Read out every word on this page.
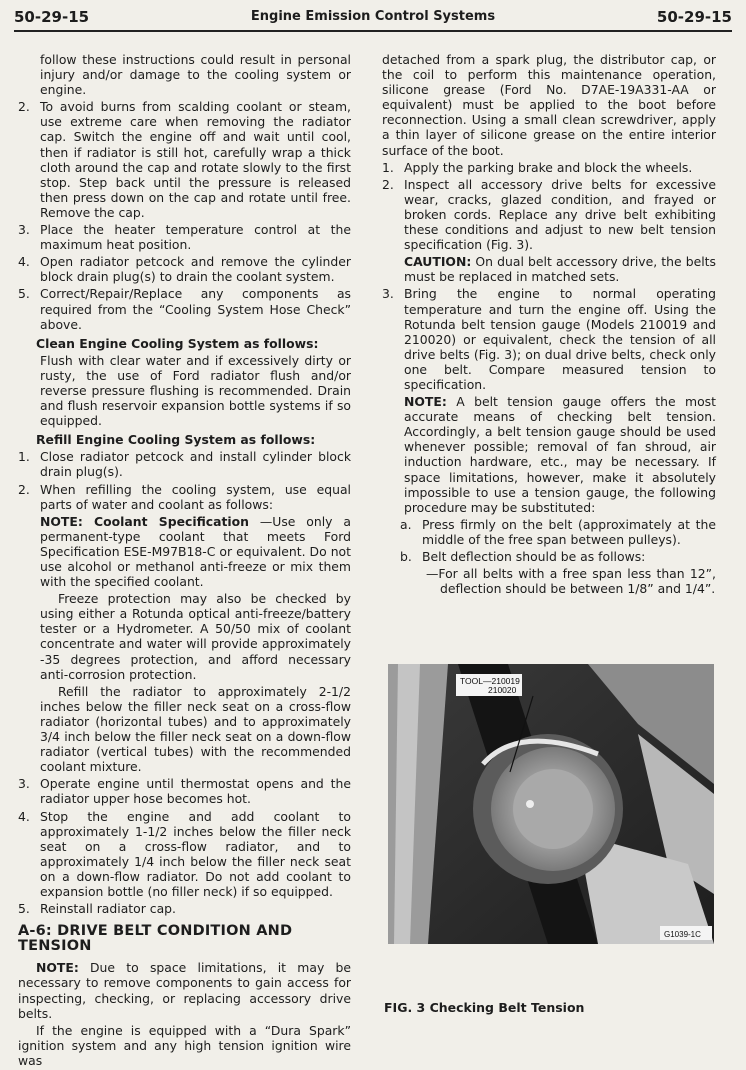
50-29-15	Engine Emission Control Systems	50-29-15

follow these instructions could result in personal injury and/or damage to the cooling system or engine.

2. To avoid burns from scalding coolant or steam, use extreme care when removing the radiator cap. Switch the engine off and wait until cool, then if radiator is still hot, carefully wrap a thick cloth around the cap and rotate slowly to the first stop. Step back until the pressure is released then press down on the cap and rotate until free. Remove the cap.
3. Place the heater temperature control at the maximum heat position.
4. Open radiator petcock and remove the cylinder block drain plug(s) to drain the coolant system.
5. Correct/Repair/Replace any components as required from the “Cooling System Hose Check” above.
Clean Engine Cooling System as follows:

Flush with clear water and if excessively dirty or rusty, the use of Ford radiator flush and/or reverse pressure flushing is recommended. Drain and flush reservoir expansion bottle systems if so equipped.

Refill Engine Cooling System as follows:
1. Close radiator petcock and install cylinder block drain plug(s).
2. When refilling the cooling system, use equal parts of water and coolant as follows:

NOTE: Coolant Specification —Use only a permanent-type coolant that meets Ford Specification ESE-M97B18-C or equivalent. Do not use alcohol or methanol anti-freeze or mix them with the specified coolant.

Freeze protection may also be checked by using either a Rotunda optical anti-freeze/battery tester or a Hydrometer. A 50/50 mix of coolant concentrate and water will provide approximately -35 degrees protection, and afford necessary anti-corrosion protection.

Refill the radiator to approximately 2-1/2 inches below the filler neck seat on a cross-flow radiator (horizontal tubes) and to approximately 3/4 inch below the filler neck seat on a down-flow radiator (vertical tubes) with the recommended coolant mixture.

3. Operate engine until thermostat opens and the radiator upper hose becomes hot.
4. Stop the engine and add coolant to approximately 1-1/2 inches below the filler neck seat on a cross-flow radiator, and to approximately 1/4 inch below the filler neck seat on a down-flow radiator. Do not add coolant to expansion bottle (no filler neck) if so equipped.
5. Reinstall radiator cap.
A-6: DRIVE BELT CONDITION AND TENSION

NOTE: Due to space limitations, it may be necessary to remove components to gain access for inspecting, checking, or replacing accessory drive belts.

If the engine is equipped with a “Dura Spark” ignition system and any high tension ignition wire was

detached from a spark plug, the distributor cap, or the coil to perform this maintenance operation, silicone grease (Ford No. D7AE-19A331-AA or equivalent) must be applied to the boot before reconnection. Using a small clean screwdriver, apply a thin layer of silicone grease on the entire interior surface of the boot.

1. Apply the parking brake and block the wheels.
2. Inspect all accessory drive belts for excessive wear, cracks, glazed condition, and frayed or broken cords. Replace any drive belt exhibiting these conditions and adjust to new belt tension specification (Fig. 3).

CAUTION: On dual belt accessory drive, the belts must be replaced in matched sets.

3. Bring the engine to normal operating temperature and turn the engine off. Using the Rotunda belt tension gauge (Models 210019 and 210020) or equivalent, check the tension of all drive belts (Fig. 3); on dual drive belts, check only one belt. Compare measured tension to specification.

NOTE: A belt tension gauge offers the most accurate means of checking belt tension. Accordingly, a belt tension gauge should be used whenever possible; removal of fan shroud, air induction hardware, etc., may be necessary. If space limitations, however, make it absolutely impossible to use a tension gauge, the following procedure may be substituted:

a. Press firmly on the belt (approximately at the middle of the free span between pulleys).
b. Belt deflection should be as follows:

—For all belts with a free span less than 12”, deflection should be between 1/8” and 1/4”.

TOOL—210019
210020
G1039-1C
FIG. 3 Checking Belt Tension
